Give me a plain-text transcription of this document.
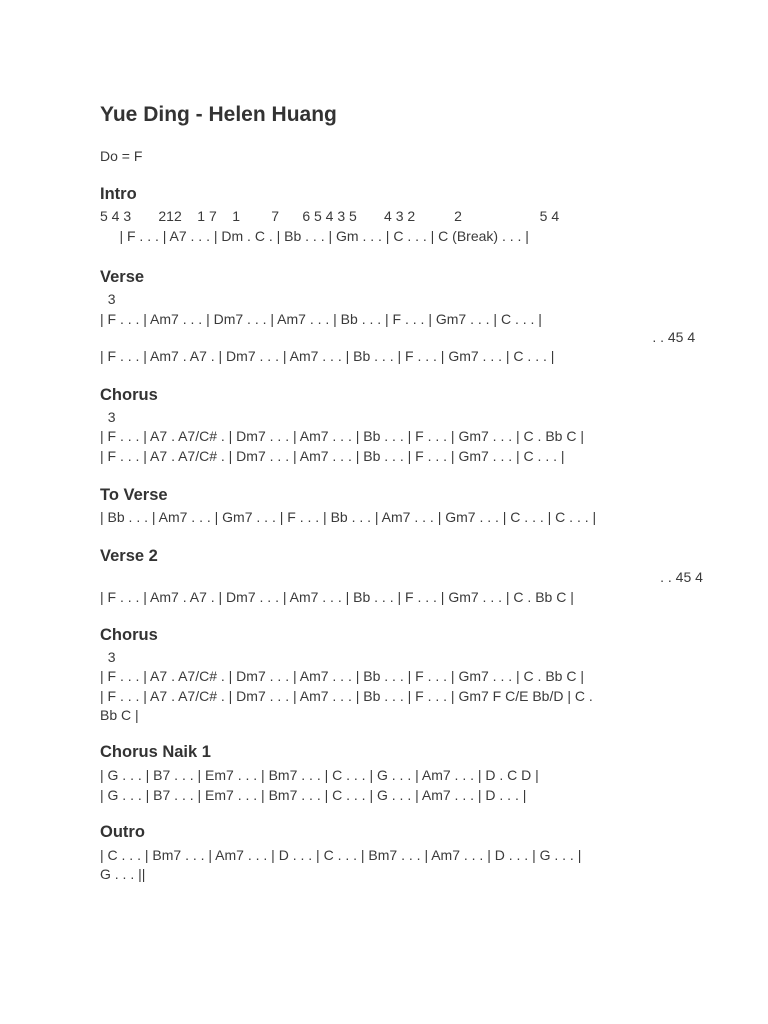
Yue Ding - Helen Huang
Do = F
Intro
5 4 3       212    1 7    1        7      6 5 4 3 5       4 3 2          2                    5 4
| F . . . | A7 . . . | Dm . C . | Bb . . . | Gm . . . | C . . . | C (Break) . . . |
Verse
3
| F . . . | Am7 . . . | Dm7 . . . | Am7 . . . | Bb . . . | F . . . | Gm7 . . . | C . . . |
. . 45 4
| F . . . | Am7 . A7 . | Dm7 . . . | Am7 . . . | Bb . . . | F . . . | Gm7 . . . | C . . . |
Chorus
3
| F . . . | A7 . A7/C# . | Dm7 . . . | Am7 . . . | Bb . . . | F . . . | Gm7 . . . | C . Bb C |
| F . . . | A7 . A7/C# . | Dm7 . . . | Am7 . . . | Bb . . . | F . . . | Gm7 . . . | C . . . |
To Verse
| Bb . . . | Am7 . . . | Gm7 . . . | F . . . | Bb . . . | Am7 . . . | Gm7 . . . | C . . . | C . . . |
Verse 2
. . 45 4
| F . . . | Am7 . A7 . | Dm7 . . . | Am7 . . . | Bb . . . | F . . . | Gm7 . . . | C . Bb C |
Chorus
3
| F . . . | A7 . A7/C# . | Dm7 . . . | Am7 . . . | Bb . . . | F . . . | Gm7 . . . | C . Bb C |
| F . . . | A7 . A7/C# . | Dm7 . . . | Am7 . . . | Bb . . . | F . . . | Gm7 F C/E Bb/D | C .
Bb C |
Chorus Naik 1
| G . . . | B7 . . . | Em7 . . . | Bm7 . . . | C . . . | G . . . | Am7 . . . | D . C D |
| G . . . | B7 . . . | Em7 . . . | Bm7 . . . | C . . . | G . . . | Am7 . . . | D . . . |
Outro
| C . . . | Bm7 . . . | Am7 . . . | D . . . | C . . . | Bm7 . . . | Am7 . . . | D . . . | G . . . |
G . . . ||
